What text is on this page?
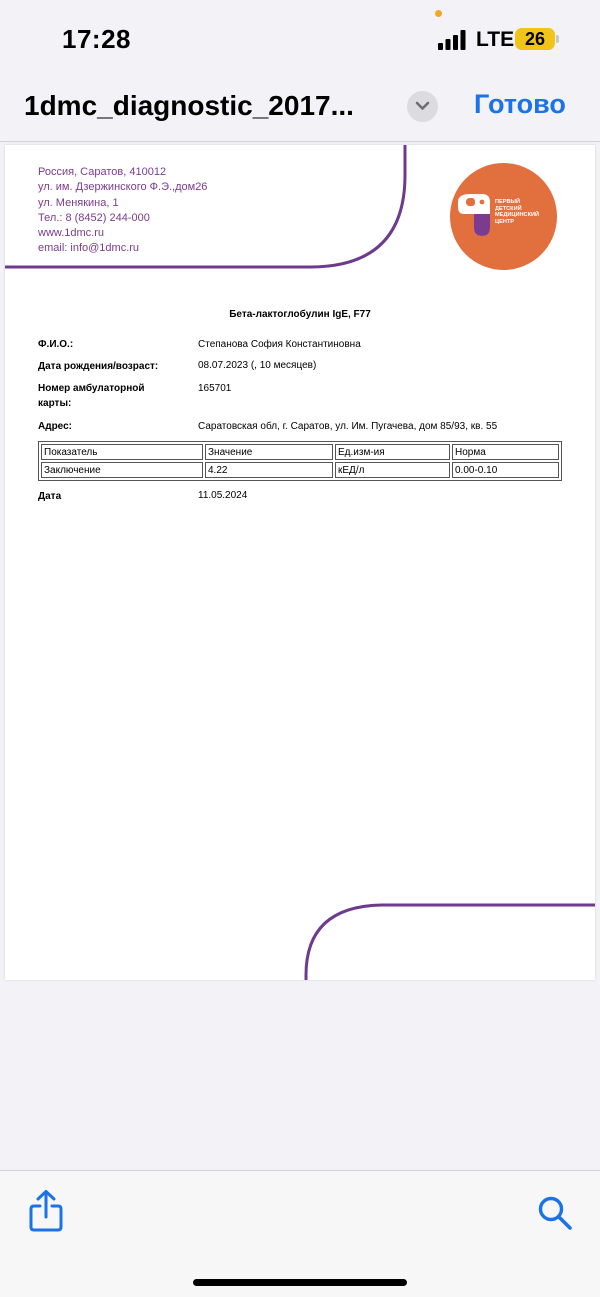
17:28	LTE 26
1dmc_diagnostic_2017...	Готово
Россия, Саратов, 410012
ул. им. Дзержинского Ф.Э.,дом26
ул. Менякина, 1
Тел.: 8 (8452) 244-000
www.1dmc.ru
email: info@1dmc.ru
ПЕРВЫЙ
ДЕТСКИЙ
МЕДИЦИНСКИЙ
ЦЕНТР
Бета-лактоглобулин IgE, F77
Ф.И.О.:	Степанова София Константиновна
Дата рождения/возраст:	08.07.2023 (, 10 месяцев)
Номер амбулаторной
карты:
165701
Адрес:	Саратовская обл, г. Саратов, ул. Им. Пугачева, дом 85/93, кв. 55
Показатель	Значение	Ед.изм-ия	Норма
Заключение	4.22	кЕД/л	0.00-0.10
Дата	11.05.2024
